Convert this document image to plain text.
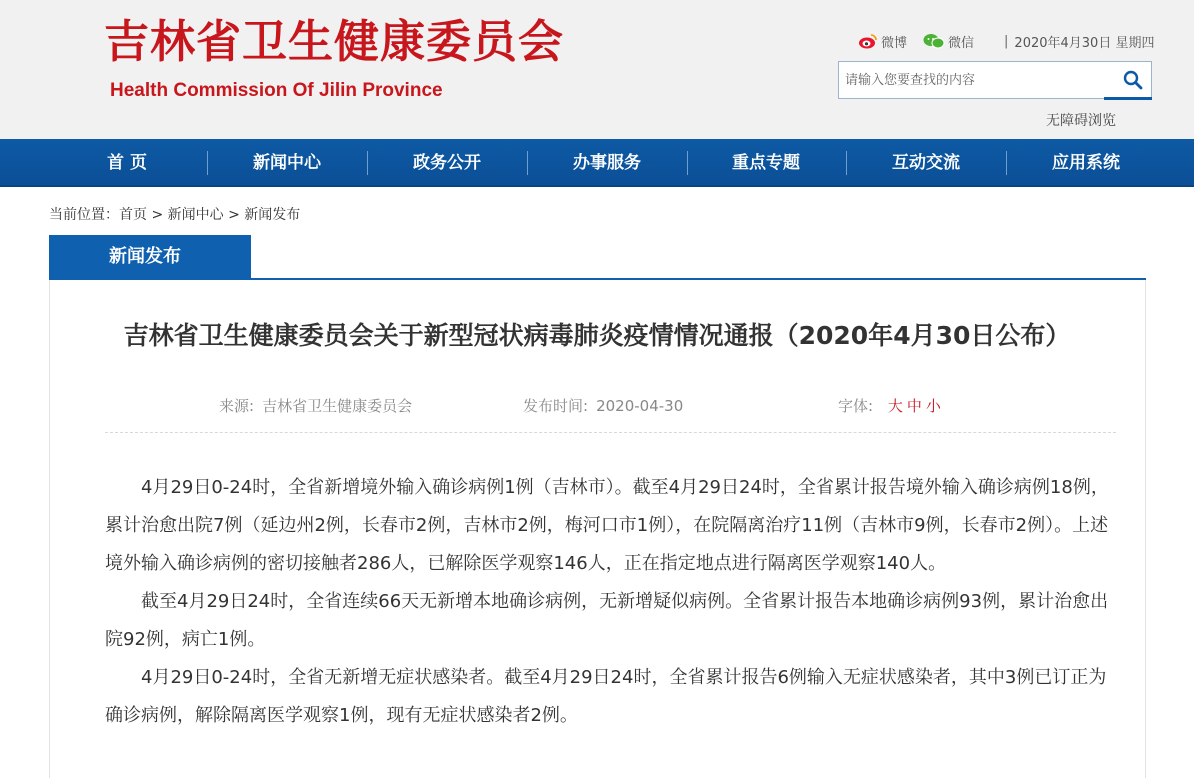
吉林省卫生健康委员会
Health Commission Of Jilin Province
微博	微信 | 2020年4月30日 星期四
请输入您要查找的内容
无障碍浏览
首 页	新闻中心	政务公开	办事服务	重点专题	互动交流	应用系统
当前位置：首页 > 新闻中心 > 新闻发布
新闻发布
吉林省卫生健康委员会关于新型冠状病毒肺炎疫情情况通报（2020年4月30日公布）
来源: 吉林省卫生健康委员会	发布时间: 2020-04-30	字体: 大 中 小

4月29日0-24时，全省新增境外输入确诊病例1例（吉林市）。截至4月29日24时，全省累计报告境外输入确诊病例18例，累计治愈出院7例（延边州2例，长春市2例，吉林市2例，梅河口市1例），在院隔离治疗11例（吉林市9例，长春市2例）。上述境外输入确诊病例的密切接触者286人，已解除医学观察146人，正在指定地点进行隔离医学观察140人。

截至4月29日24时，全省连续66天无新增本地确诊病例，无新增疑似病例。全省累计报告本地确诊病例93例，累计治愈出院92例，病亡1例。

4月29日0-24时，全省无新增无症状感染者。截至4月29日24时，全省累计报告6例输入无症状感染者，其中3例已订正为确诊病例，解除隔离医学观察1例，现有无症状感染者2例。
